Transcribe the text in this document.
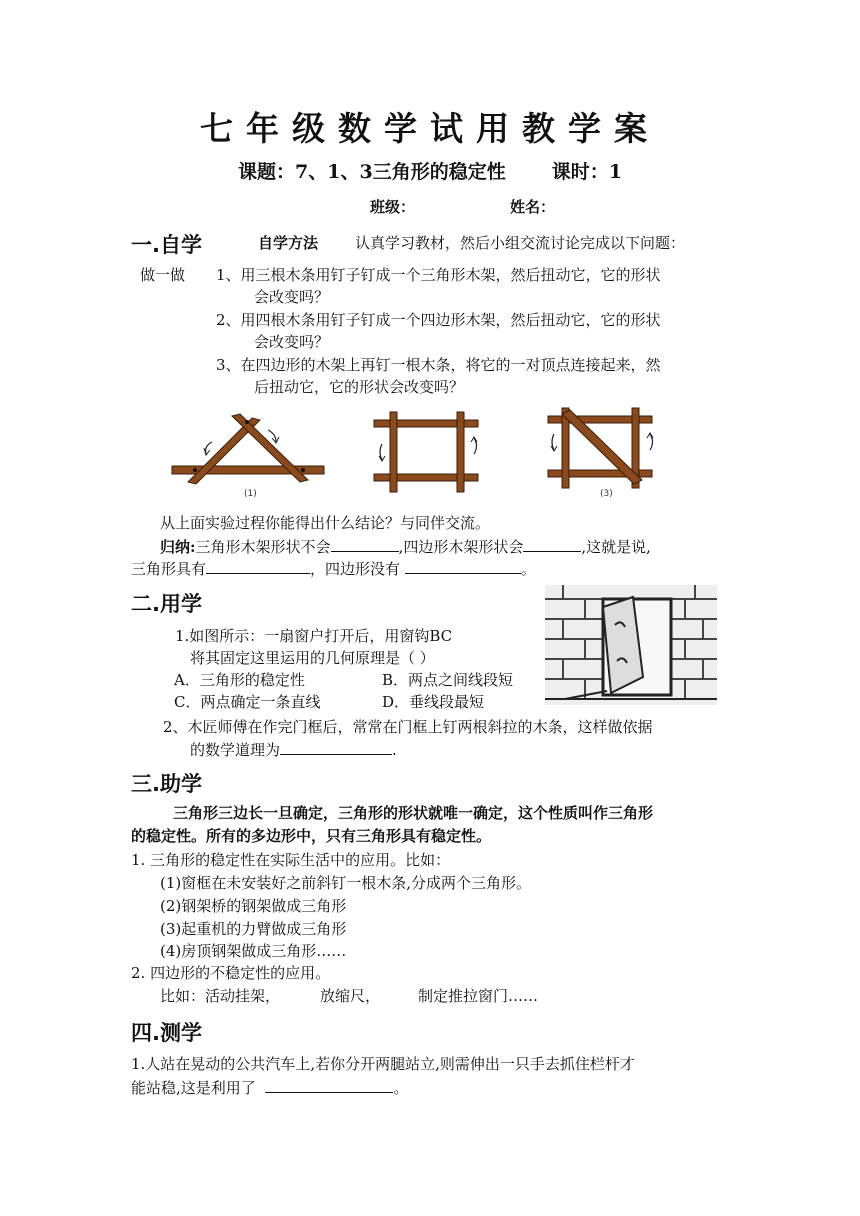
七年级数学试用教学案
课题：7、1、3三角形的稳定性 课时：1
班级：	姓名：
一.自学	自学方法 认真学习教材，然后小组交流讨论完成以下问题：
做一做 1、用三根木条用钉子钉成一个三角形木架，然后扭动它，它的形状
会改变吗？
2、用四根木条用钉子钉成一个四边形木架，然后扭动它，它的形状
会改变吗？
3、在四边形的木架上再钉一根木条，将它的一对顶点连接起来，然
后扭动它，它的形状会改变吗？
(1)	(3)
从上面实验过程你能得出什么结论？与同伴交流。
归纳:三角形木架形状不会	,四边形木架形状会	,这就是说,
三角形具有	，四边形没有	。
二.用学
1.如图所示：一扇窗户打开后，用窗钩BC
将其固定这里运用的几何原理是（ ）
A．三角形的稳定性	B．两点之间线段短
C．两点确定一条直线	D．垂线段最短
2、木匠师傅在作完门框后，常常在门框上钉两根斜拉的木条，这样做依据
的数学道理为	.
三.助学
三角形三边长一旦确定，三角形的形状就唯一确定，这个性质叫作三角形
的稳定性。所有的多边形中，只有三角形具有稳定性。
1. 三角形的稳定性在实际生活中的应用。比如：
(1)窗框在未安装好之前斜钉一根木条,分成两个三角形。
(2)钢架桥的钢架做成三角形
(3)起重机的力臂做成三角形
(4)房顶钢架做成三角形……
2. 四边形的不稳定性的应用。
比如：活动挂架，	放缩尺，	制定推拉窗门……
四.测学
1.人站在晃动的公共汽车上,若你分开两腿站立,则需伸出一只手去抓住栏杆才
能站稳,这是利用了	。
